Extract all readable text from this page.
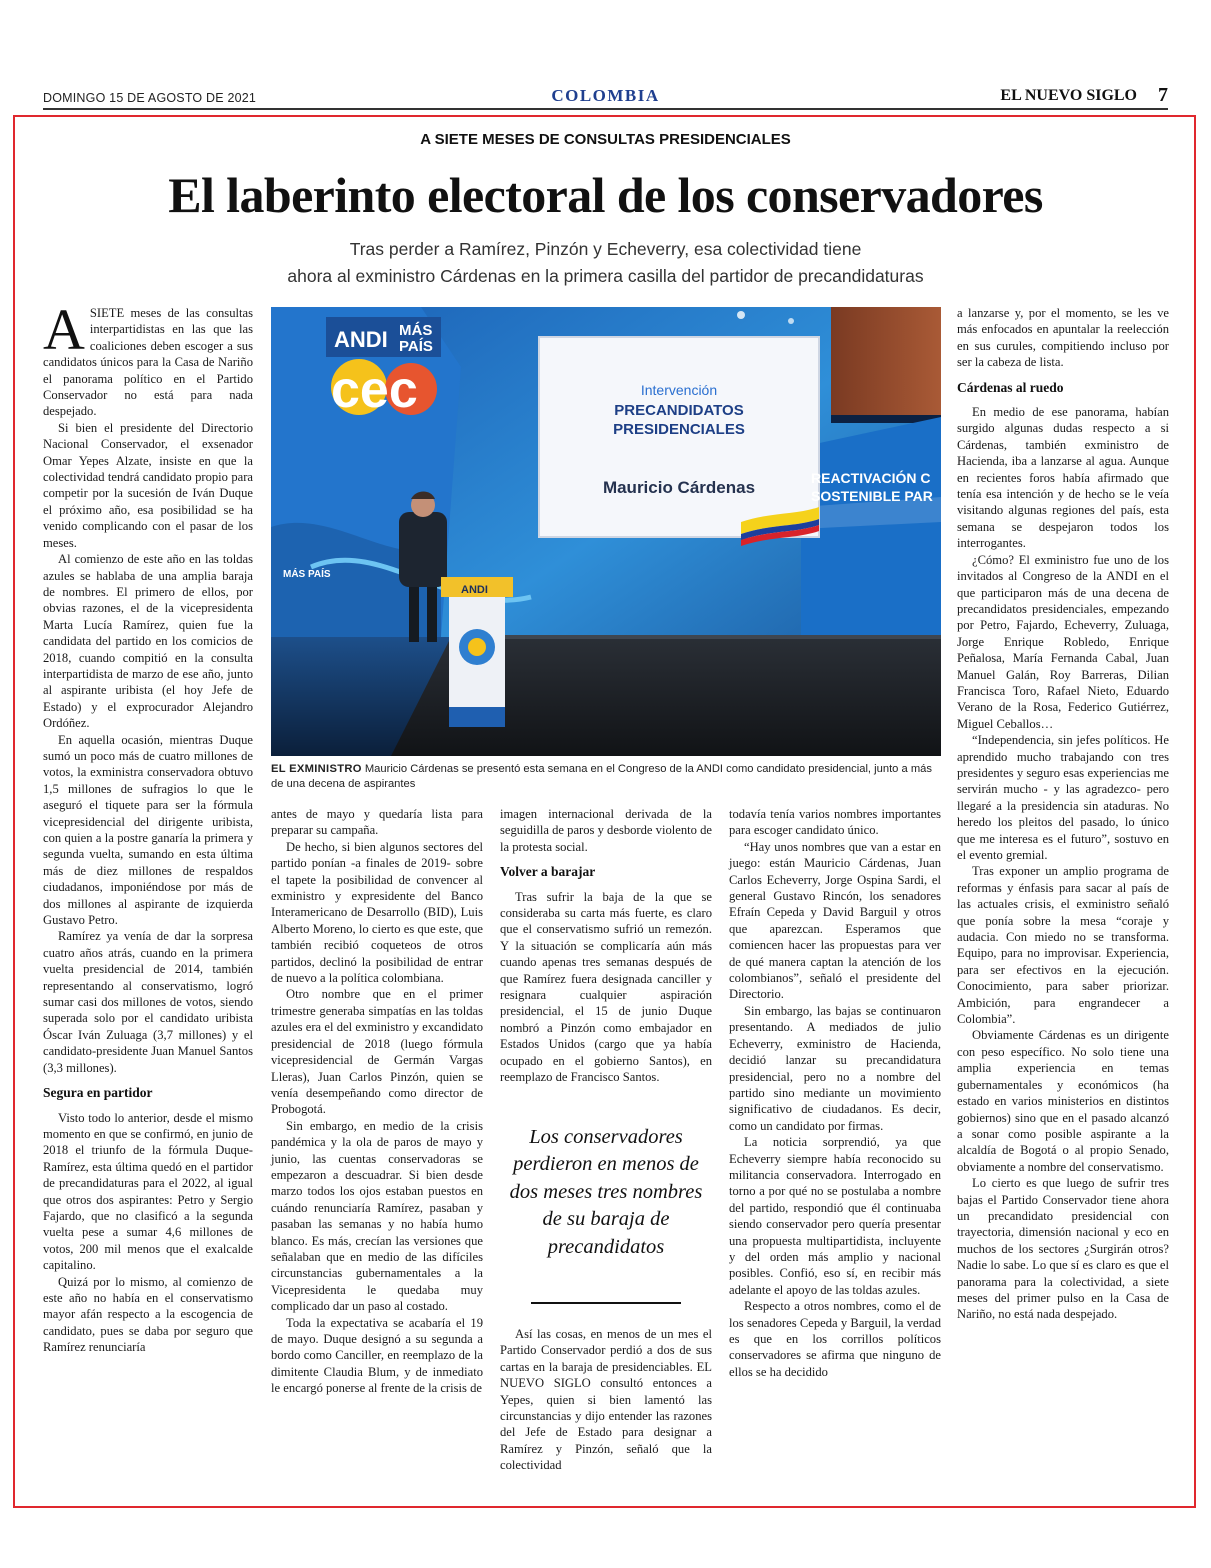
DOMINGO 15 DE AGOSTO DE 2021	COLOMBIA	EL NUEVO SIGLO 7
A SIETE MESES DE CONSULTAS PRESIDENCIALES
El laberinto electoral de los conservadores
Tras perder a Ramírez, Pinzón y Echeverry, esa colectividad tiene
ahora al exministro Cárdenas en la primera casilla del partidor de precandidaturas

ASIETE meses de las consultas interpartidistas en las que las coaliciones deben escoger a sus candidatos únicos para la Casa de Nariño el panorama político en el Partido Conservador no está para nada despejado.

Si bien el presidente del Directorio Nacional Conservador, el exsenador Omar Yepes Alzate, insiste en que la colectividad tendrá candidato propio para competir por la sucesión de Iván Duque el próximo año, esa posibilidad se ha venido complicando con el pasar de los meses.

Al comienzo de este año en las toldas azules se hablaba de una amplia baraja de nombres. El primero de ellos, por obvias razones, el de la vicepresidenta Marta Lucía Ramírez, quien fue la candidata del partido en los comicios de 2018, cuando compitió en la consulta interpartidista de marzo de ese año, junto al aspirante uribista (el hoy Jefe de Estado) y el exprocurador Alejandro Ordóñez.

En aquella ocasión, mientras Duque sumó un poco más de cuatro millones de votos, la exministra conservadora obtuvo 1,5 millones de sufragios lo que le aseguró el tiquete para ser la fórmula vicepresidencial del dirigente uribista, con quien a la postre ganaría la primera y segunda vuelta, sumando en esta última más de diez millones de respaldos ciudadanos, imponiéndose por más de dos millones al aspirante de izquierda Gustavo Petro.

Ramírez ya venía de dar la sorpresa cuatro años atrás, cuando en la primera vuelta presidencial de 2014, también representando al conservatismo, logró sumar casi dos millones de votos, siendo superada solo por el candidato uribista Óscar Iván Zuluaga (3,7 millones) y el candidato-presidente Juan Manuel Santos (3,3 millones).

Segura en partidor

Visto todo lo anterior, desde el mismo momento en que se confirmó, en junio de 2018 el triunfo de la fórmula Duque-Ramírez, esta última quedó en el partidor de precandidaturas para el 2022, al igual que otros dos aspirantes: Petro y Sergio Fajardo, que no clasificó a la segunda vuelta pese a sumar 4,6 millones de votos, 200 mil menos que el exalcalde capitalino.

Quizá por lo mismo, al comienzo de este año no había en el conservatismo mayor afán respecto a la escogencia de candidato, pues se daba por seguro que Ramírez renunciaría

ANDI MÁS
PAÍS
cec	Intervención
PRECANDIDATOS
PRESIDENCIALES
Mauricio Cárdenas	REACTIVACIÓN C
SOSTENIBLE PAR
MÁS PAÍS
ANDI
EL EXMINISTRO Mauricio Cárdenas se presentó esta semana en el Congreso de la ANDI como candidato presidencial, junto a más de una decena de aspirantes

antes de mayo y quedaría lista para preparar su campaña.

De hecho, si bien algunos sectores del partido ponían -a finales de 2019- sobre el tapete la posibilidad de convencer al exministro y expresidente del Banco Interamericano de Desarrollo (BID), Luis Alberto Moreno, lo cierto es que este, que también recibió coqueteos de otros partidos, declinó la posibilidad de entrar de nuevo a la política colombiana.

Otro nombre que en el primer trimestre generaba simpatías en las toldas azules era el del exministro y excandidato presidencial de 2018 (luego fórmula vicepresidencial de Germán Vargas Lleras), Juan Carlos Pinzón, quien se venía desempeñando como director de Probogotá.

Sin embargo, en medio de la crisis pandémica y la ola de paros de mayo y junio, las cuentas conservadoras se empezaron a descuadrar. Si bien desde marzo todos los ojos estaban puestos en cuándo renunciaría Ramírez, pasaban y pasaban las semanas y no había humo blanco. Es más, crecían las versiones que señalaban que en medio de las difíciles circunstancias gubernamentales a la Vicepresidenta le quedaba muy complicado dar un paso al costado.

Toda la expectativa se acabaría el 19 de mayo. Duque designó a su segunda a bordo como Canciller, en reemplazo de la dimitente Claudia Blum, y de inmediato le encargó ponerse al frente de la crisis de

imagen internacional derivada de la seguidilla de paros y desborde violento de la protesta social.

Volver a barajar

Tras sufrir la baja de la que se consideraba su carta más fuerte, es claro que el conservatismo sufrió un remezón. Y la situación se complicaría aún más cuando apenas tres semanas después de que Ramírez fuera designada canciller y resignara cualquier aspiración presidencial, el 15 de junio Duque nombró a Pinzón como embajador en Estados Unidos (cargo que ya había ocupado en el gobierno Santos), en reemplazo de Francisco Santos.

Los conservadores perdieron en menos de dos meses tres nombres de su baraja de precandidatos

Así las cosas, en menos de un mes el Partido Conservador perdió a dos de sus cartas en la baraja de presidenciables. EL NUEVO SIGLO consultó entonces a Yepes, quien si bien lamentó las circunstancias y dijo entender las razones del Jefe de Estado para designar a Ramírez y Pinzón, señaló que la colectividad

todavía tenía varios nombres importantes para escoger candidato único.

“Hay unos nombres que van a estar en juego: están Mauricio Cárdenas, Juan Carlos Echeverry, Jorge Ospina Sardi, el general Gustavo Rincón, los senadores Efraín Cepeda y David Barguil y otros que aparezcan. Esperamos que comiencen hacer las propuestas para ver de qué manera captan la atención de los colombianos”, señaló el presidente del Directorio.

Sin embargo, las bajas se continuaron presentando. A mediados de julio Echeverry, exministro de Hacienda, decidió lanzar su precandidatura presidencial, pero no a nombre del partido sino mediante un movimiento significativo de ciudadanos. Es decir, como un candidato por firmas.

La noticia sorprendió, ya que Echeverry siempre había reconocido su militancia conservadora. Interrogado en torno a por qué no se postulaba a nombre del partido, respondió que él continuaba siendo conservador pero quería presentar una propuesta multipartidista, incluyente y del orden más amplio y nacional posibles. Confió, eso sí, en recibir más adelante el apoyo de las toldas azules.

Respecto a otros nombres, como el de los senadores Cepeda y Barguil, la verdad es que en los corrillos políticos conservadores se afirma que ninguno de ellos se ha decidido

a lanzarse y, por el momento, se les ve más enfocados en apuntalar la reelección en sus curules, compitiendo incluso por ser la cabeza de lista.

Cárdenas al ruedo

En medio de ese panorama, habían surgido algunas dudas respecto a si Cárdenas, también exministro de Hacienda, iba a lanzarse al agua. Aunque en recientes foros había afirmado que tenía esa intención y de hecho se le veía visitando algunas regiones del país, esta semana se despejaron todos los interrogantes.

¿Cómo? El exministro fue uno de los invitados al Congreso de la ANDI en el que participaron más de una decena de precandidatos presidenciales, empezando por Petro, Fajardo, Echeverry, Zuluaga, Jorge Enrique Robledo, Enrique Peñalosa, María Fernanda Cabal, Juan Manuel Galán, Roy Barreras, Dilian Francisca Toro, Rafael Nieto, Eduardo Verano de la Rosa, Federico Gutiérrez, Miguel Ceballos…

“Independencia, sin jefes políticos. He aprendido mucho trabajando con tres presidentes y seguro esas experiencias me servirán mucho - y las agradezco- pero llegaré a la presidencia sin ataduras. No heredo los pleitos del pasado, lo único que me interesa es el futuro”, sostuvo en el evento gremial.

Tras exponer un amplio programa de reformas y énfasis para sacar al país de las actuales crisis, el exministro señaló que ponía sobre la mesa “coraje y audacia. Con miedo no se transforma. Equipo, para no improvisar. Experiencia, para ser efectivos en la ejecución. Conocimiento, para saber priorizar. Ambición, para engrandecer a Colombia”.

Obviamente Cárdenas es un dirigente con peso específico. No solo tiene una amplia experiencia en temas gubernamentales y económicos (ha estado en varios ministerios en distintos gobiernos) sino que en el pasado alcanzó a sonar como posible aspirante a la alcaldía de Bogotá o al propio Senado, obviamente a nombre del conservatismo.

Lo cierto es que luego de sufrir tres bajas el Partido Conservador tiene ahora un precandidato presidencial con trayectoria, dimensión nacional y eco en muchos de los sectores ¿Surgirán otros? Nadie lo sabe. Lo que sí es claro es que el panorama para la colectividad, a siete meses del primer pulso en la Casa de Nariño, no está nada despejado.
